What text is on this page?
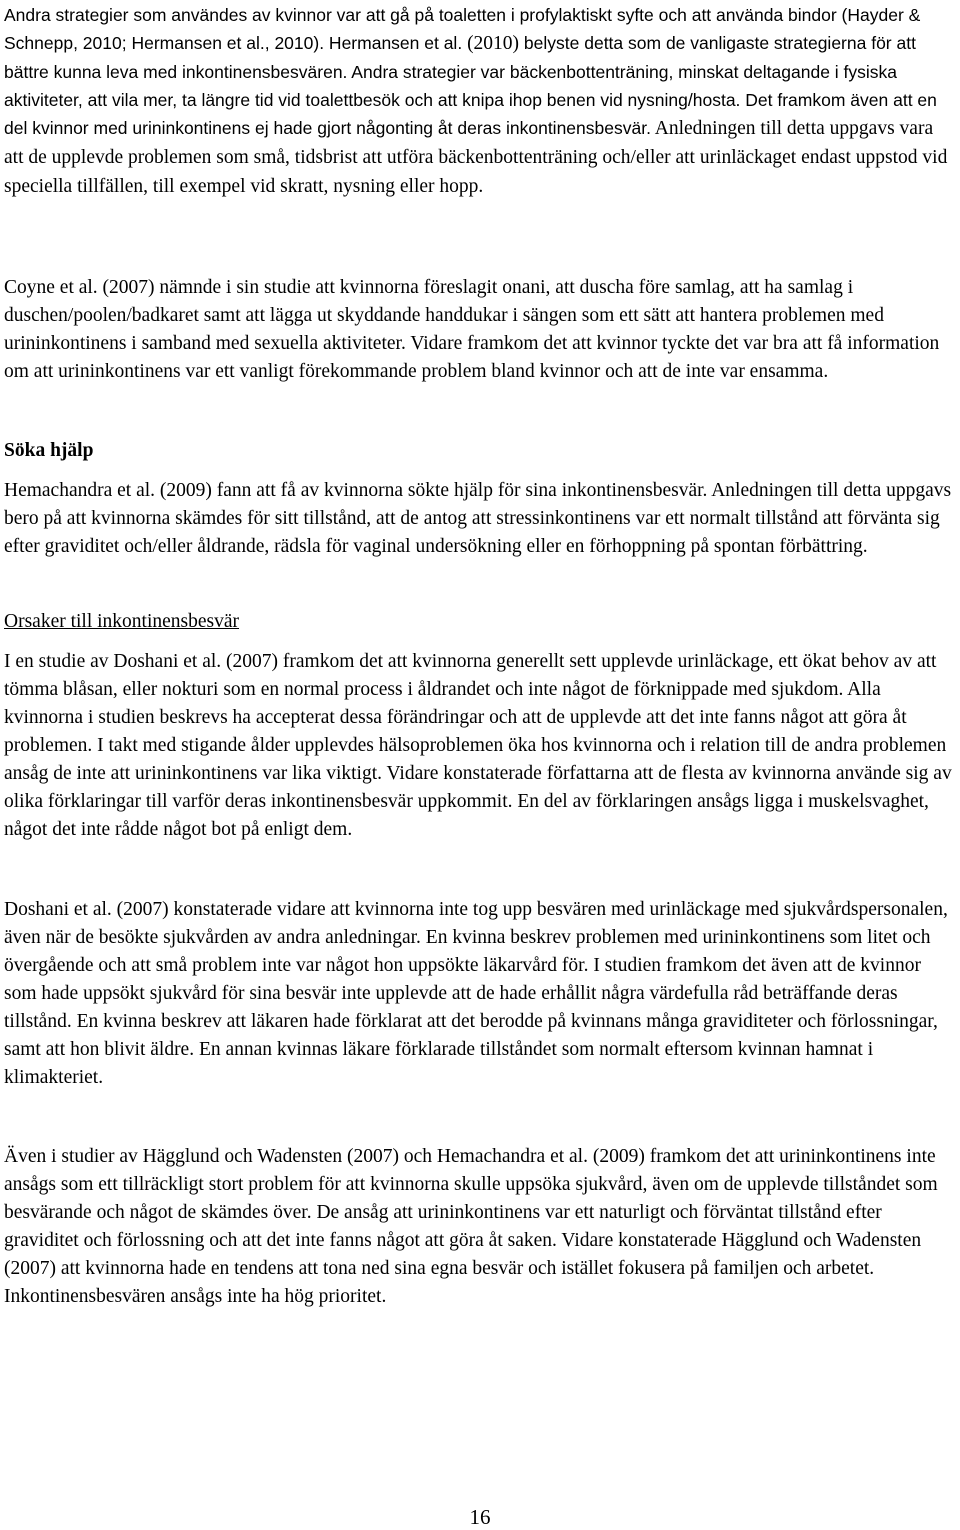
Andra strategier som användes av kvinnor var att gå på toaletten i profylaktiskt syfte och att använda bindor (Hayder & Schnepp, 2010; Hermansen et al., 2010). Hermansen et al. (2010) belyste detta som de vanligaste strategierna för att bättre kunna leva med inkontinensbesvären. Andra strategier var bäckenbottenträning, minskat deltagande i fysiska aktiviteter, att vila mer, ta längre tid vid toalettbesök och att knipa ihop benen vid nysning/hosta. Det framkom även att en del kvinnor med urininkontinens ej hade gjort någonting åt deras inkontinensbesvär. Anledningen till detta uppgavs vara att de upplevde problemen som små, tidsbrist att utföra bäckenbottenträning och/eller att urinläckaget endast uppstod vid speciella tillfällen, till exempel vid skratt, nysning eller hopp.

Coyne et al. (2007) nämnde i sin studie att kvinnorna föreslagit onani, att duscha före samlag, att ha samlag i duschen/poolen/badkaret samt att lägga ut skyddande handdukar i sängen som ett sätt att hantera problemen med urininkontinens i samband med sexuella aktiviteter. Vidare framkom det att kvinnor tyckte det var bra att få information om att urininkontinens var ett vanligt förekommande problem bland kvinnor och att de inte var ensamma.

Söka hjälp

Hemachandra et al. (2009) fann att få av kvinnorna sökte hjälp för sina inkontinensbesvär. Anledningen till detta uppgavs bero på att kvinnorna skämdes för sitt tillstånd, att de antog att stressinkontinens var ett normalt tillstånd att förvänta sig efter graviditet och/eller åldrande, rädsla för vaginal undersökning eller en förhoppning på spontan förbättring.

Orsaker till inkontinensbesvär

I en studie av Doshani et al. (2007) framkom det att kvinnorna generellt sett upplevde urinläckage, ett ökat behov av att tömma blåsan, eller nokturi som en normal process i åldrandet och inte något de förknippade med sjukdom. Alla kvinnorna i studien beskrevs ha accepterat dessa förändringar och att de upplevde att det inte fanns något att göra åt problemen. I takt med stigande ålder upplevdes hälsoproblemen öka hos kvinnorna och i relation till de andra problemen ansåg de inte att urininkontinens var lika viktigt. Vidare konstaterade författarna att de flesta av kvinnorna använde sig av olika förklaringar till varför deras inkontinensbesvär uppkommit. En del av förklaringen ansågs ligga i muskelsvaghet, något det inte rådde något bot på enligt dem.

Doshani et al. (2007) konstaterade vidare att kvinnorna inte tog upp besvären med urinläckage med sjukvårdspersonalen, även när de besökte sjukvården av andra anledningar. En kvinna beskrev problemen med urininkontinens som litet och övergående och att små problem inte var något hon uppsökte läkarvård för. I studien framkom det även att de kvinnor som hade uppsökt sjukvård för sina besvär inte upplevde att de hade erhållit några värdefulla råd beträffande deras tillstånd. En kvinna beskrev att läkaren hade förklarat att det berodde på kvinnans många graviditeter och förlossningar, samt att hon blivit äldre. En annan kvinnas läkare förklarade tillståndet som normalt eftersom kvinnan hamnat i klimakteriet.

Även i studier av Hägglund och Wadensten (2007) och Hemachandra et al. (2009) framkom det att urininkontinens inte ansågs som ett tillräckligt stort problem för att kvinnorna skulle uppsöka sjukvård, även om de upplevde tillståndet som besvärande och något de skämdes över. De ansåg att urininkontinens var ett naturligt och förväntat tillstånd efter graviditet och förlossning och att det inte fanns något att göra åt saken. Vidare konstaterade Hägglund och Wadensten (2007) att kvinnorna hade en tendens att tona ned sina egna besvär och istället fokusera på familjen och arbetet. Inkontinensbesvären ansågs inte ha hög prioritet.

16
